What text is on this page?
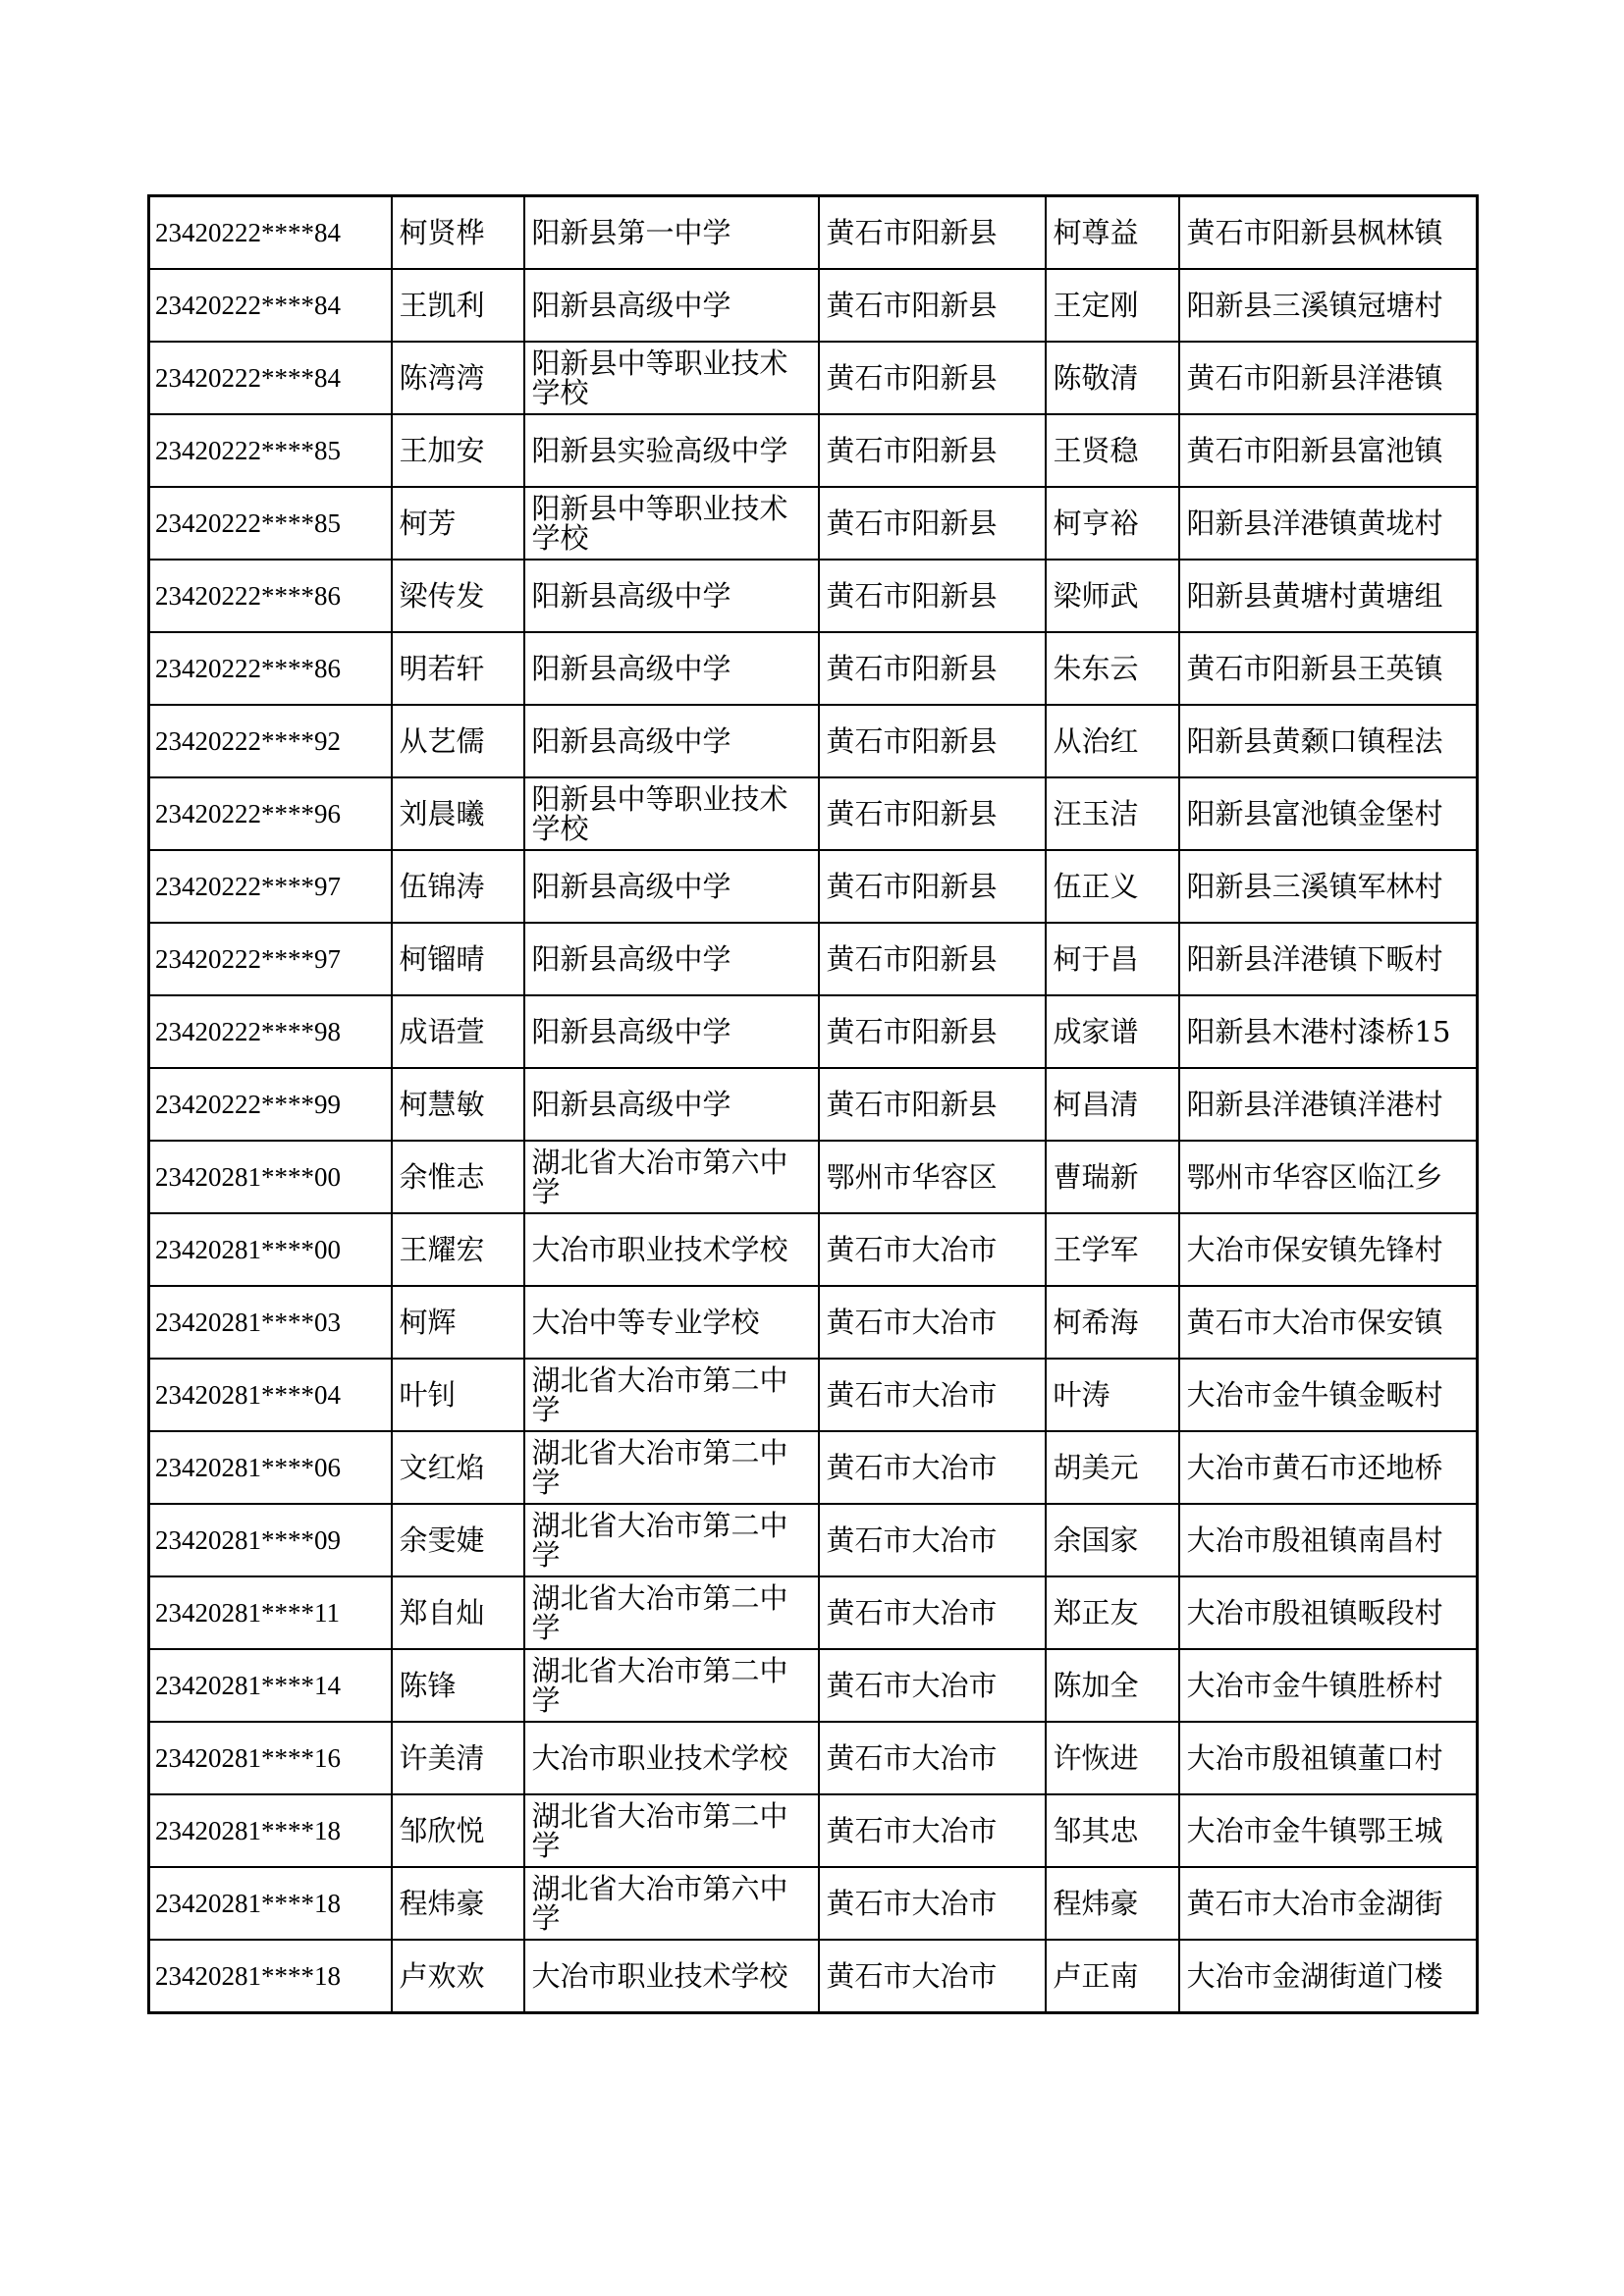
23420222****84	柯贤桦	阳新县第一中学	黄石市阳新县	柯尊益	黄石市阳新县枫林镇
23420222****84	王凯利	阳新县高级中学	黄石市阳新县	王定刚	阳新县三溪镇冠塘村
23420222****84	陈湾湾	阳新县中等职业技术学校	黄石市阳新县	陈敬清	黄石市阳新县洋港镇
23420222****85	王加安	阳新县实验高级中学	黄石市阳新县	王贤稳	黄石市阳新县富池镇
23420222****85	柯芳	阳新县中等职业技术学校	黄石市阳新县	柯亨裕	阳新县洋港镇黄垅村
23420222****86	梁传发	阳新县高级中学	黄石市阳新县	梁师武	阳新县黄塘村黄塘组
23420222****86	明若轩	阳新县高级中学	黄石市阳新县	朱东云	黄石市阳新县王英镇
23420222****92	从艺儒	阳新县高级中学	黄石市阳新县	从治红	阳新县黄颡口镇程法
23420222****96	刘晨曦	阳新县中等职业技术学校	黄石市阳新县	汪玉洁	阳新县富池镇金堡村
23420222****97	伍锦涛	阳新县高级中学	黄石市阳新县	伍正义	阳新县三溪镇军林村
23420222****97	柯镏晴	阳新县高级中学	黄石市阳新县	柯于昌	阳新县洋港镇下畈村
23420222****98	成语萱	阳新县高级中学	黄石市阳新县	成家谱	阳新县木港村漆桥15
23420222****99	柯慧敏	阳新县高级中学	黄石市阳新县	柯昌清	阳新县洋港镇洋港村
23420281****00	余惟志	湖北省大冶市第六中学	鄂州市华容区	曹瑞新	鄂州市华容区临江乡
23420281****00	王耀宏	大冶市职业技术学校	黄石市大冶市	王学军	大冶市保安镇先锋村
23420281****03	柯辉	大冶中等专业学校	黄石市大冶市	柯希海	黄石市大冶市保安镇
23420281****04	叶钊	湖北省大冶市第二中学	黄石市大冶市	叶涛	大冶市金牛镇金畈村
23420281****06	文红焰	湖北省大冶市第二中学	黄石市大冶市	胡美元	大冶市黄石市还地桥
23420281****09	余雯婕	湖北省大冶市第二中学	黄石市大冶市	余国家	大冶市殷祖镇南昌村
23420281****11	郑自灿	湖北省大冶市第二中学	黄石市大冶市	郑正友	大冶市殷祖镇畈段村
23420281****14	陈锋	湖北省大冶市第二中学	黄石市大冶市	陈加全	大冶市金牛镇胜桥村
23420281****16	许美清	大冶市职业技术学校	黄石市大冶市	许恢进	大冶市殷祖镇董口村
23420281****18	邹欣悦	湖北省大冶市第二中学	黄石市大冶市	邹其忠	大冶市金牛镇鄂王城
23420281****18	程炜豪	湖北省大冶市第六中学	黄石市大冶市	程炜豪	黄石市大冶市金湖街
23420281****18	卢欢欢	大冶市职业技术学校	黄石市大冶市	卢正南	大冶市金湖街道门楼
